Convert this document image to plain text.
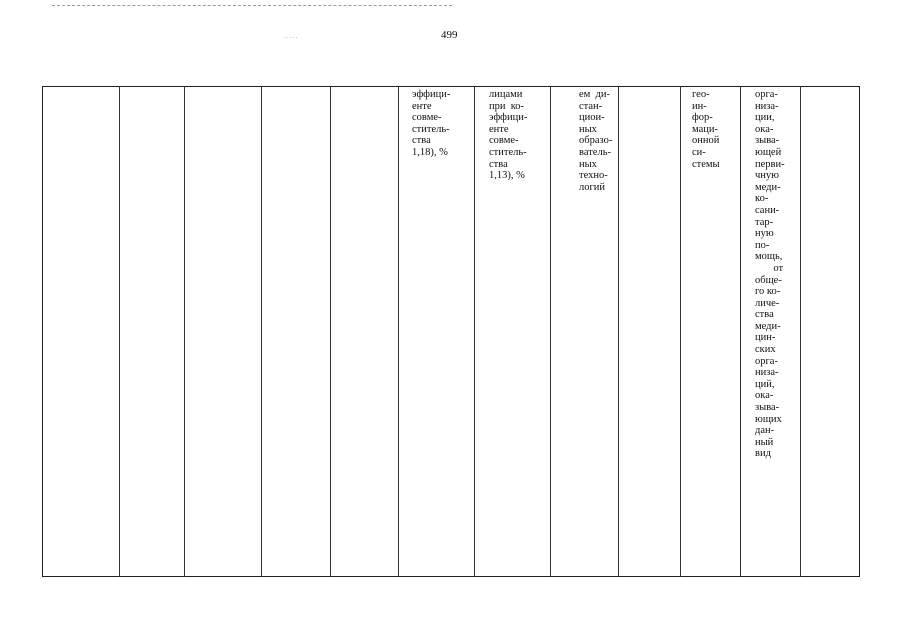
.....	499
эффици-
енте
совме-
ститель-
ства
1,18), %
лицами
при  ко-
эффици-
енте
совме-
ститель-
ства
1,13), %
ем  ди-
стан-
циои-
ных
образо-
ватель-
ных
техно-
логий
гео-
ин-
фор-
маци-
онной
си-
стемы
орга-
низа-
ции,
ока-
зыва-
ющей
перви-
чную
меди-
ко-
сани-
тар-
ную
по-
мощь,
от
обще-
го ко-
личе-
ства
меди-
цин-
ских
орга-
низа-
ций,
ока-
зыва-
ющих
дан-
ный
вид
